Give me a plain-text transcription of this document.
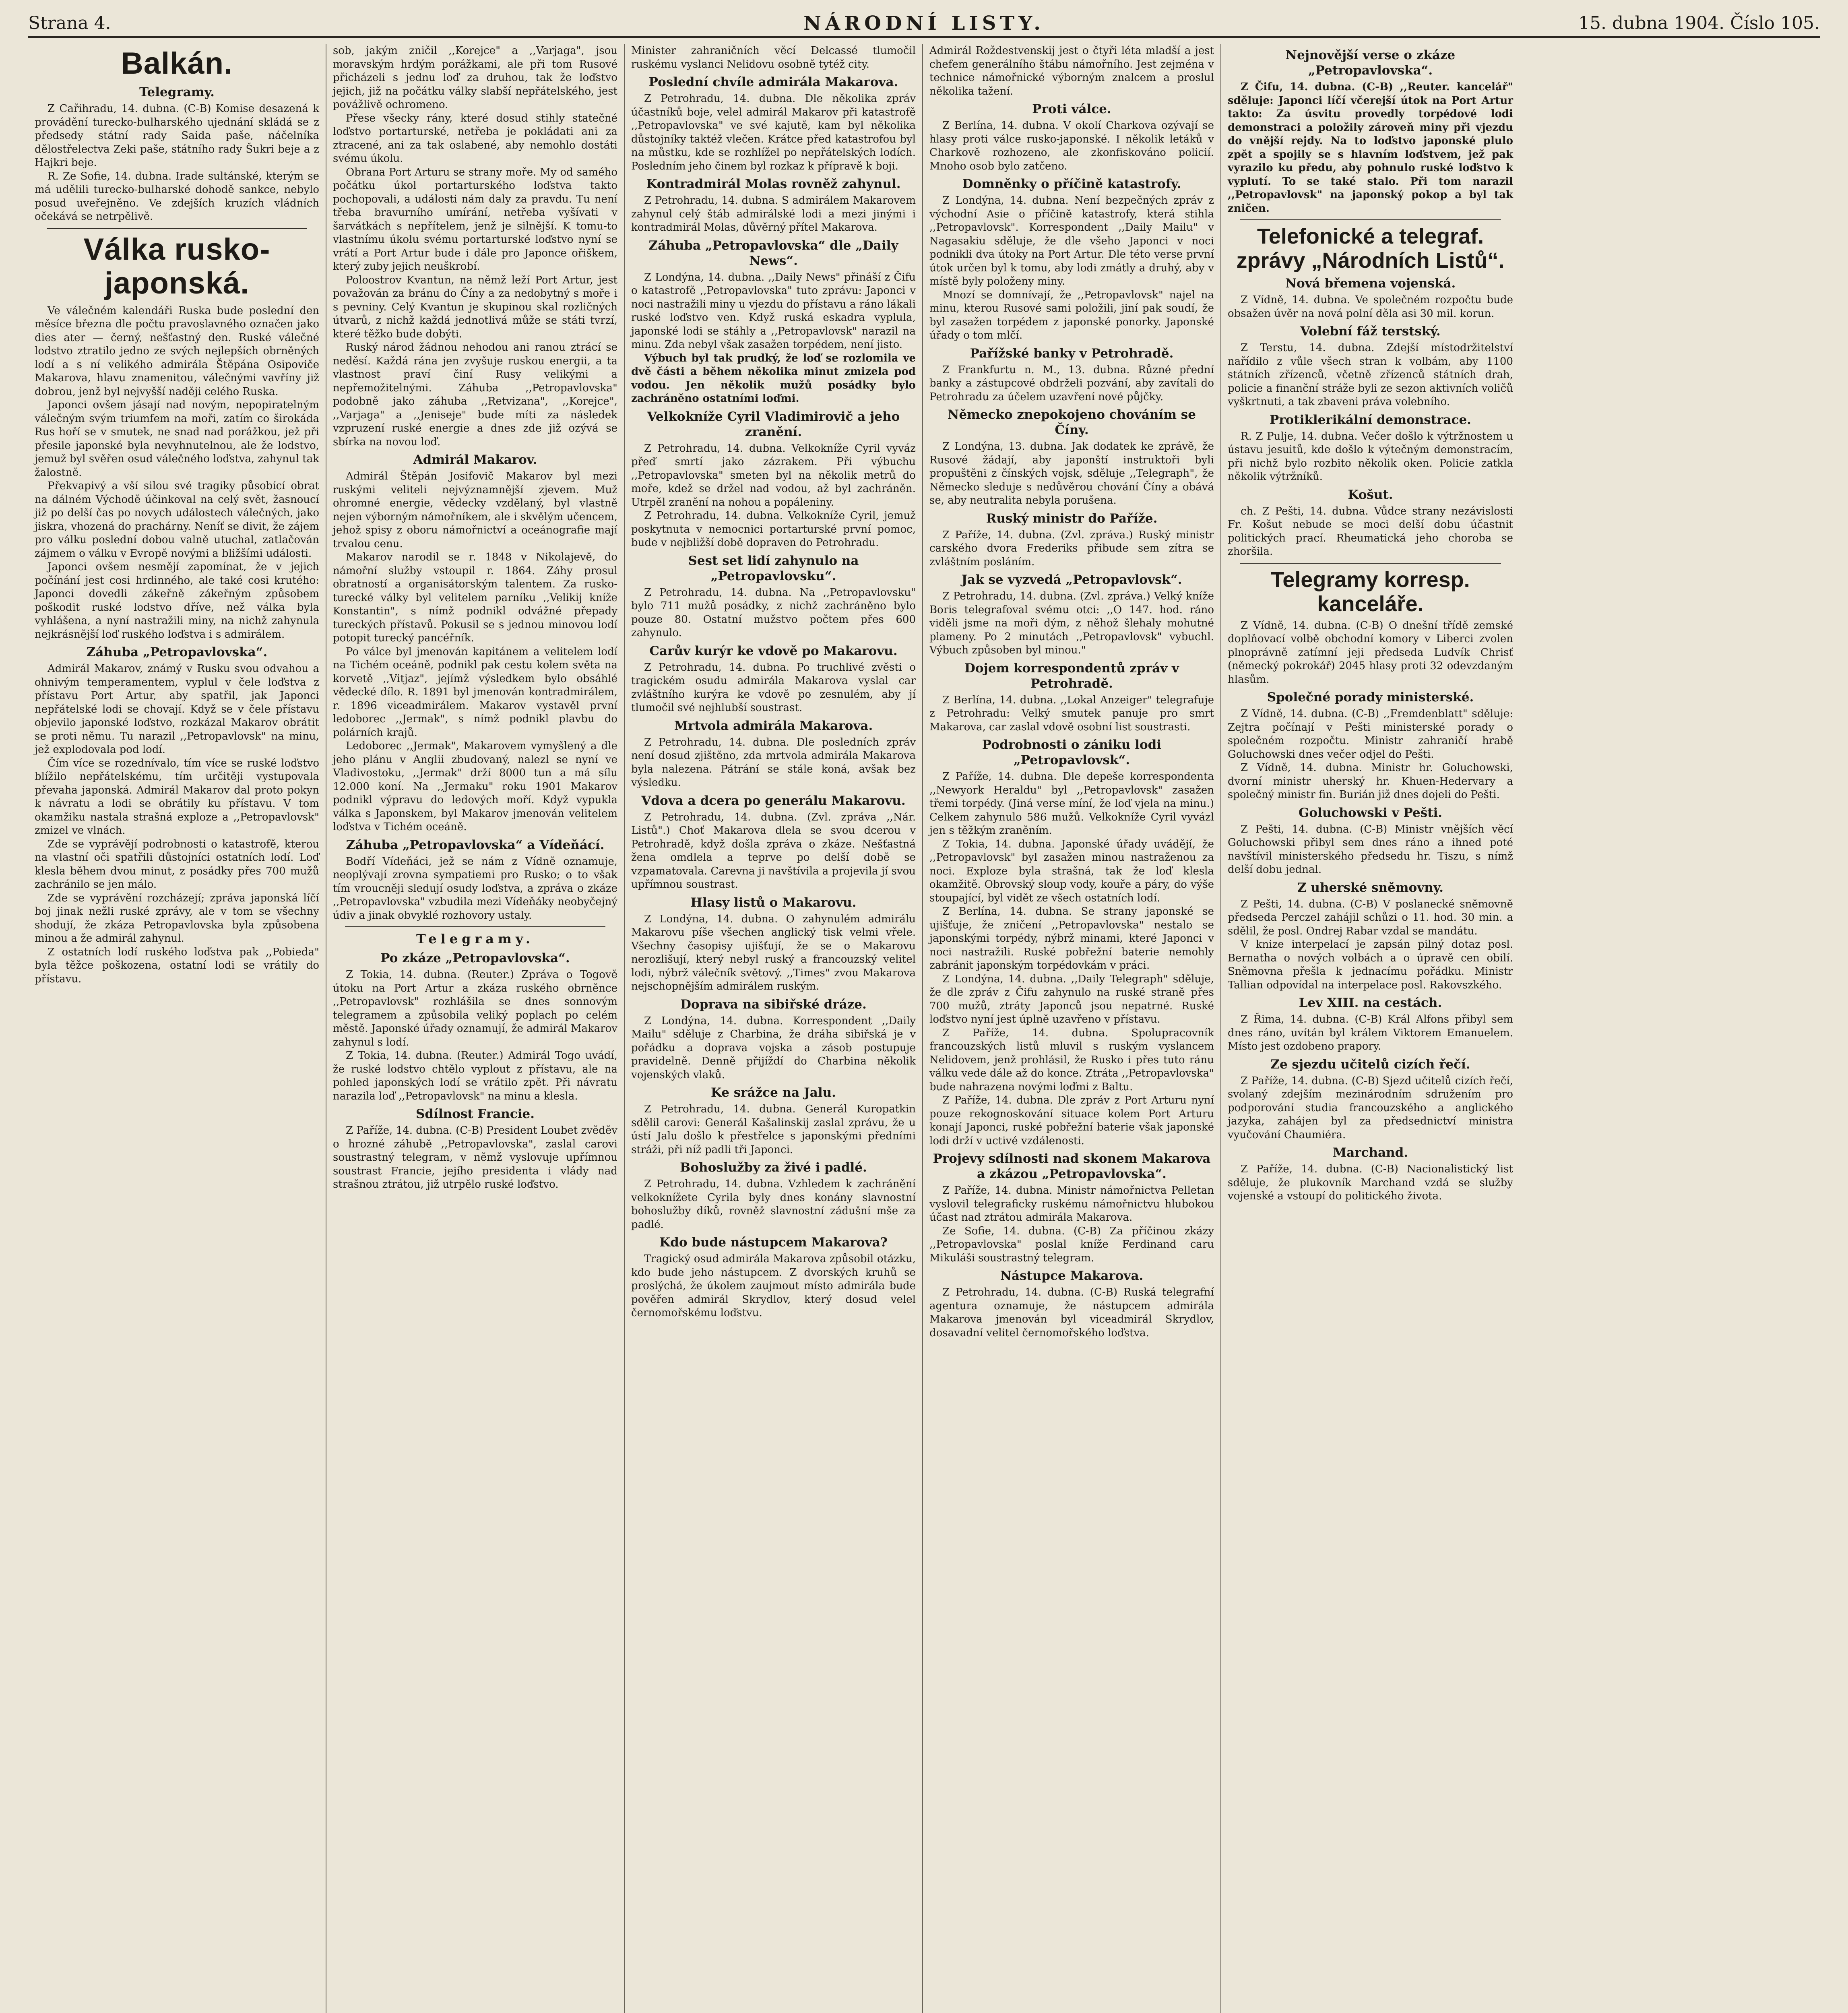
Strana 4.	NÁRODNÍ LISTY.	15. dubna 1904. Číslo 105.
Balkán.
Telegramy.

Z Cařihradu, 14. dubna. (C-B) Komise desazená k provádění turecko-bulharského ujednání skládá se z předsedy státní rady Saida paše, náčelníka dělostřelectva Zeki paše, státního rady Šukri beje a z Hajkri beje.

R. Ze Sofie, 14. dubna. Irade sultánské, kterým se má udělili turecko-bulharské dohodě sankce, nebylo posud uveřejněno. Ve zdejších kruzích vládních očekává se netrpělivě.

Válka rusko-japonská.

Ve válečném kalendáři Ruska bude poslední den měsíce března dle počtu pravoslavného označen jako dies ater — černý, nešťastný den. Ruské válečné lodstvo ztratilo jedno ze svých nejlepších obrněných lodí a s ní velikého admirála Štěpána Osipoviče Makarova, hlavu znamenitou, válečnými vavříny již dobrou, jenž byl nejvyšší naději celého Ruska.

Japonci ovšem jásají nad novým, nepopiratelným válečným svým triumfem na moři, zatím co širokáda Rus hoří se v smutek, ne snad nad porážkou, jež při přesile japonské byla nevyhnutelnou, ale že lodstvo, jemuž byl svěřen osud válečného loďstva, zahynul tak žalostně.

Překvapivý a vší silou své tragiky působící obrat na dálném Východě účinkoval na celý svět, žasnoucí již po delší čas po novych událostech válečných, jako jiskra, vhozená do prachárny. Neníť se divit, že zájem pro válku poslední dobou valně utuchal, zatlačován zájmem o válku v Evropě novými a bližšími události.

Japonci ovšem nesmějí zapomínat, že v jejich počínání jest cosi hrdinného, ale také cosi krutého: Japonci dovedli zákeřně zákeřným způsobem poškodit ruské lodstvo dříve, než válka byla vyhlášena, a nyní nastražili miny, na nichž zahynula nejkrásnější loď ruského loďstva i s admirálem.

Záhuba „Petropavlovska“.

Admirál Makarov, známý v Rusku svou odvahou a ohnivým temperamentem, vyplul v čele loďstva z přístavu Port Artur, aby spatřil, jak Japonci nepřátelské lodi se chovají. Když se v čele přístavu objevilo japonské loďstvo, rozkázal Makarov obrátit se proti němu. Tu narazil ,,Petropavlovsk" na minu, jež explodovala pod lodí.

Čím více se rozednívalo, tím více se ruské loďstvo blížilo nepřátelskému, tím určitěji vystupovala převaha japonská. Admirál Makarov dal proto pokyn k návratu a lodi se obrátily ku přístavu. V tom okamžiku nastala strašná exploze a ,,Petropavlovsk" zmizel ve vlnách.

Zde se vyprávějí podrobnosti o katastrofě, kterou na vlastní oči spatřili důstojníci ostatních lodí. Loď klesla během dvou minut, z posádky přes 700 mužů zachránilo se jen málo.

Zde se vyprávění rozcházejí; zpráva japonská líčí boj jinak nežli ruské zprávy, ale v tom se všechny shodují, že zkáza Petropavlovska byla způsobena minou a že admirál zahynul.

Z ostatních lodí ruského loďstva pak ,,Pobieda" byla těžce poškozena, ostatní lodi se vrátily do přístavu.

sob, jakým zničil ,,Korejce" a ,,Varjaga", jsou moravským hrdým porážkami, ale při tom Rusové přicházeli s jednu loď za druhou, tak že loďstvo jejich, již na počátku války slabší nepřátelského, jest povážlivě ochromeno.

Přese všecky rány, které dosud stihly statečné loďstvo portarturské, netřeba je pokládati ani za ztracené, ani za tak oslabené, aby nemohlo dostáti svému úkolu.

Obrana Port Arturu se strany moře. My od samého počátku úkol portarturského loďstva takto pochopovali, a události nám daly za pravdu. Tu není třeba bravurního umírání, netřeba vyšívati v šarvátkách s nepřítelem, jenž je silnější. K tomu-to vlastnímu úkolu svému portarturské loďstvo nyní se vrátí a Port Artur bude i dále pro Japonce ořiškem, který zuby jejich neuškrobí.

Poloostrov Kvantun, na němž leží Port Artur, jest považován za bránu do Číny a za nedobytný s moře i s pevniny. Celý Kvantun je skupinou skal rozličných útvarů, z nichž každá jednotlivá může se státi tvrzí, které těžko bude dobýti.

Ruský národ žádnou nehodou ani ranou ztrácí se neděsí. Každá rána jen zvyšuje ruskou energii, a ta vlastnost praví činí Rusy velikými a nepřemožitelnými. Záhuba ,,Petropavlovska" podobně jako záhuba ,,Retvizana", ,,Korejce", ,,Varjaga" a ,,Jeniseje" bude míti za následek vzpruzení ruské energie a dnes zde již ozývá se sbírka na novou loď.

Admirál Makarov.

Admirál Štěpán Josifovič Makarov byl mezi ruskými veliteli nejvýznamnější zjevem. Muž ohromné energie, vědecky vzdělaný, byl vlastně nejen výborným námořníkem, ale i skvělým učencem, jehož spisy z oboru námořnictví a oceánografie mají trvalou cenu.

Makarov narodil se r. 1848 v Nikolajevě, do námořní služby vstoupil r. 1864. Záhy prosul obratností a organisátorským talentem. Za rusko-turecké války byl velitelem parníku ,,Velikij kníže Konstantin", s nímž podnikl odvážné přepady tureckých přístavů. Pokusil se s jednou minovou lodí potopit turecký pancéřník.

Po válce byl jmenován kapitánem a velitelem lodí na Tichém oceáně, podnikl pak cestu kolem světa na korvetě ,,Vitjaz", jejímž výsledkem bylo obsáhlé vědecké dílo. R. 1891 byl jmenován kontradmirálem, r. 1896 viceadmirálem. Makarov vystavěl první ledoborec ,,Jermak", s nímž podnikl plavbu do polárních krajů.

Ledoborec ,,Jermak", Makarovem vymyšlený a dle jeho plánu v Anglii zbudovaný, nalezl se nyní ve Vladivostoku, ,,Jermak" drží 8000 tun a má sílu 12.000 koní. Na ,,Jermaku" roku 1901 Makarov podnikl výpravu do ledových moří. Když vypukla válka s Japonskem, byl Makarov jmenován velitelem loďstva v Tichém oceáně.

Záhuba „Petropavlovska“ a Vídeňácí.

Bodří Vídeňáci, jež se nám z Vídně oznamuje, neoplývají zrovna sympatiemi pro Rusko; o to však tím vroucněji sledují osudy loďstva, a zpráva o zkáze ,,Petropavlovska" vzbudila mezi Vídeňáky neobyčejný údiv a jinak obvyklé rozhovory ustaly.

Telegramy.
Po zkáze „Petropavlovska“.

Z Tokia, 14. dubna. (Reuter.) Zpráva o Togově útoku na Port Artur a zkáza ruského obrněnce ,,Petropavlovsk" rozhlášila se dnes sonnovým telegramem a způsobila veliký poplach po celém městě. Japonské úřady oznamují, že admirál Makarov zahynul s lodí.

Z Tokia, 14. dubna. (Reuter.) Admirál Togo uvádí, že ruské lodstvo chtělo vyplout z přístavu, ale na pohled japonských lodí se vrátilo zpět. Při návratu narazila loď ,,Petropavlovsk" na minu a klesla.

Sdílnost Francie.

Z Paříže, 14. dubna. (C-B) President Loubet zvěděv o hrozné záhubě ,,Petropavlovska", zaslal carovi soustrastný telegram, v němž vyslovuje upřímnou soustrast Francie, jejího presidenta i vlády nad strašnou ztrátou, již utrpělo ruské loďstvo.

Minister zahraničních věcí Delcassé tlumočil ruskému vyslanci Nelidovu osobně tytéž city.

Poslední chvíle admirála Makarova.

Z Petrohradu, 14. dubna. Dle několika zpráv účastníků boje, velel admirál Makarov při katastrofě ,,Petropavlovska" ve své kajutě, kam byl několika důstojníky taktéž vlečen. Krátce před katastrofou byl na můstku, kde se rozhlížel po nepřátelských lodích. Posledním jeho činem byl rozkaz k přípravě k boji.

Kontradmirál Molas rovněž zahynul.

Z Petrohradu, 14. dubna. S admirálem Makarovem zahynul celý štáb admirálské lodi a mezi jinými i kontradmirál Molas, důvěrný přítel Makarova.

Záhuba „Petropavlovska“ dle „Daily News“.

Z Londýna, 14. dubna. ,,Daily News" přináší z Čifu o katastrofě ,,Petropavlovska" tuto zprávu: Japonci v noci nastražili miny u vjezdu do přístavu a ráno lákali ruské loďstvo ven. Když ruská eskadra vyplula, japonské lodi se stáhly a ,,Petropavlovsk" narazil na minu. Zda nebyl však zasažen torpédem, není jisto.

Výbuch byl tak prudký, že loď se rozlomila ve dvě části a během několika minut zmizela pod vodou. Jen několik mužů posádky bylo zachráněno ostatními loďmi.

Velkokníže Cyril Vladimirovič a jeho zranění.

Z Petrohradu, 14. dubna. Velkokníže Cyril vyváz přeď smrtí jako zázrakem. Při výbuchu ,,Petropavlovska" smeten byl na několik metrů do moře, kdež se držel nad vodou, až byl zachráněn. Utrpěl zranění na nohou a popáleniny.

Z Petrohradu, 14. dubna. Velkokníže Cyril, jemuž poskytnuta v nemocnici portarturské první pomoc, bude v nejbližší době dopraven do Petrohradu.

Sest set lidí zahynulo na „Petropavlovsku“.

Z Petrohradu, 14. dubna. Na ,,Petropavlovsku" bylo 711 mužů posádky, z nichž zachráněno bylo pouze 80. Ostatní mužstvo počtem přes 600 zahynulo.

Carův kurýr ke vdově po Makarovu.

Z Petrohradu, 14. dubna. Po truchlivé zvěsti o tragickém osudu admirála Makarova vyslal car zvláštního kurýra ke vdově po zesnulém, aby jí tlumočil své nejhlubší soustrast.

Mrtvola admirála Makarova.

Z Petrohradu, 14. dubna. Dle posledních zpráv není dosud zjištěno, zda mrtvola admirála Makarova byla nalezena. Pátrání se stále koná, avšak bez výsledku.

Vdova a dcera po generálu Makarovu.

Z Petrohradu, 14. dubna. (Zvl. zpráva ,,Nár. Listů".) Choť Makarova dlela se svou dcerou v Petrohradě, když došla zpráva o zkáze. Nešťastná žena omdlela a teprve po delší době se vzpamatovala. Carevna ji navštívila a projevila jí svou upřímnou soustrast.

Hlasy listů o Makarovu.

Z Londýna, 14. dubna. O zahynulém admirálu Makarovu píše všechen anglický tisk velmi vřele. Všechny časopisy ujišťují, že se o Makarovu nerozlišují, který nebyl ruský a francouzský velitel lodi, nýbrž válečník světový. ,,Times" zvou Makarova nejschopnějším admirálem ruským.

Doprava na sibiřské dráze.

Z Londýna, 14. dubna. Korrespondent ,,Daily Mailu" sděluje z Charbina, že dráha sibiřská je v pořádku a doprava vojska a zásob postupuje pravidelně. Denně přijíždí do Charbina několik vojenských vlaků.

Ke srážce na Jalu.

Z Petrohradu, 14. dubna. Generál Kuropatkin sdělil carovi: Generál Kašalinskij zaslal zprávu, že u ústí Jalu došlo k přestřelce s japonskými předními stráži, při níž padli tři Japonci.

Bohoslužby za živé i padlé.

Z Petrohradu, 14. dubna. Vzhledem k zachránění velkoknížete Cyrila byly dnes konány slavnostní bohoslužby díků, rovněž slavnostní zádušní mše za padlé.

Kdo bude nástupcem Makarova?

Tragický osud admirála Makarova způsobil otázku, kdo bude jeho nástupcem. Z dvorských kruhů se proslýchá, že úkolem zaujmout místo admirála bude pověřen admirál Skrydlov, který dosud velel černomořskému loďstvu.

Admirál Roždestvenskij jest o čtyři léta mladší a jest chefem generálního štábu námořního. Jest zejména v technice námořnické výborným znalcem a proslul několika tažení.

Proti válce.

Z Berlína, 14. dubna. V okolí Charkova ozývají se hlasy proti válce rusko-japonské. I několik letáků v Charkově rozhozeno, ale zkonfiskováno policií. Mnoho osob bylo zatčeno.

Domněnky o příčině katastrofy.

Z Londýna, 14. dubna. Není bezpečných zpráv z východní Asie o příčině katastrofy, která stihla ,,Petropavlovsk". Korrespondent ,,Daily Mailu" v Nagasakiu sděluje, že dle všeho Japonci v noci podnikli dva útoky na Port Artur. Dle této verse první útok určen byl k tomu, aby lodi zmátly a druhý, aby v místě byly položeny miny.

Mnozí se domnívají, že ,,Petropavlovsk" najel na minu, kterou Rusové sami položili, jiní pak soudí, že byl zasažen torpédem z japonské ponorky. Japonské úřady o tom mlčí.

Pařížské banky v Petrohradě.

Z Frankfurtu n. M., 13. dubna. Různé přední banky a zástupcové obdrželi pozvání, aby zavítali do Petrohradu za účelem uzavření nové půjčky.

Německo znepokojeno chováním se Číny.

Z Londýna, 13. dubna. Jak dodatek ke zprávě, že Rusové žádají, aby japonští instruktoři byli propuštěni z čínských vojsk, sděluje ,,Telegraph", že Německo sleduje s nedůvěrou chování Číny a obává se, aby neutralita nebyla porušena.

Ruský ministr do Paříže.

Z Paříže, 14. dubna. (Zvl. zpráva.) Ruský ministr carského dvora Frederiks přibude sem zítra se zvláštním posláním.

Jak se vyzvedá „Petropavlovsk“.

Z Petrohradu, 14. dubna. (Zvl. zpráva.) Velký kníže Boris telegrafoval svému otci: ,,O 147. hod. ráno viděli jsme na moři dým, z něhož šlehaly mohutné plameny. Po 2 minutách ,,Petropavlovsk" vybuchl. Výbuch způsoben byl minou."

Dojem korrespondentů zpráv v Petrohradě.

Z Berlína, 14. dubna. ,,Lokal Anzeiger" telegrafuje z Petrohradu: Velký smutek panuje pro smrt Makarova, car zaslal vdově osobní list soustrasti.

Podrobnosti o zániku lodi „Petropavlovsk“.

Z Paříže, 14. dubna. Dle depeše korrespondenta ,,Newyork Heraldu" byl ,,Petropavlovsk" zasažen třemi torpédy. (Jiná verse míní, že loď vjela na minu.) Celkem zahynulo 586 mužů. Velkokníže Cyril vyvázl jen s těžkým zraněním.

Z Tokia, 14. dubna. Japonské úřady uvádějí, že ,,Petropavlovsk" byl zasažen minou nastraženou za noci. Exploze byla strašná, tak že loď klesla okamžitě. Obrovský sloup vody, kouře a páry, do výše stoupající, byl vidět ze všech ostatních lodí.

Z Berlína, 14. dubna. Se strany japonské se ujišťuje, že zničení ,,Petropavlovska" nestalo se japonskými torpédy, nýbrž minami, které Japonci v noci nastražili. Ruské pobřežní baterie nemohly zabránit japonským torpédovkám v práci.

Z Londýna, 14. dubna. ,,Daily Telegraph" sděluje, že dle zpráv z Čifu zahynulo na ruské straně přes 700 mužů, ztráty Japonců jsou nepatrné. Ruské loďstvo nyní jest úplně uzavřeno v přístavu.

Z Paříže, 14. dubna. Spolupracovník francouzských listů mluvil s ruským vyslancem Nelidovem, jenž prohlásil, že Rusko i přes tuto ránu válku vede dále až do konce. Ztráta ,,Petropavlovska" bude nahrazena novými loďmi z Baltu.

Z Paříže, 14. dubna. Dle zpráv z Port Arturu nyní pouze rekognoskování situace kolem Port Arturu konají Japonci, ruské pobřežní baterie však japonské lodi drží v uctivé vzdálenosti.

Projevy sdílnosti nad skonem Makarova a zkázou „Petropavlovska“.

Z Paříže, 14. dubna. Ministr námořnictva Pelletan vyslovil telegraficky ruskému námořnictvu hlubokou účast nad ztrátou admirála Makarova.

Ze Sofie, 14. dubna. (C-B) Za příčinou zkázy ,,Petropavlovska" poslal kníže Ferdinand caru Mikuláši soustrastný telegram.

Nástupce Makarova.

Z Petrohradu, 14. dubna. (C-B) Ruská telegrafní agentura oznamuje, že nástupcem admirála Makarova jmenován byl viceadmirál Skrydlov, dosavadní velitel černomořského loďstva.

Nejnovější verse o zkáze „Petropavlovska“.

Z Čifu, 14. dubna. (C-B) ,,Reuter. kancelář" sděluje: Japonci líčí včerejší útok na Port Artur takto: Za úsvitu provedly torpédové lodi demonstraci a položily zároveň miny při vjezdu do vnější rejdy. Na to loďstvo japonské plulo zpět a spojily se s hlavním loďstvem, jež pak vyrazilo ku předu, aby pohnulo ruské loďstvo k vyplutí. To se také stalo. Při tom narazil ,,Petropavlovsk" na japonský pokop a byl tak zničen.

Telefonické a telegraf. zprávy „Národních Listů“.
Nová břemena vojenská.

Z Vídně, 14. dubna. Ve společném rozpočtu bude obsažen úvěr na nová polní děla asi 30 mil. korun.

Volební fáž terstský.

Z Terstu, 14. dubna. Zdejší místodržitelství nařídilo z vůle všech stran k volbám, aby 1100 státních zřízenců, včetně zřízenců státních drah, policie a finanční stráže byli ze sezon aktivních voličů vyškrtnuti, a tak zbaveni práva volebního.

Protiklerikální demonstrace.

R. Z Pulje, 14. dubna. Večer došlo k výtržnostem u ústavu jesuitů, kde došlo k výtečným demonstracím, při nichž bylo rozbito několik oken. Policie zatkla několik výtržníků.

Košut.

ch. Z Pešti, 14. dubna. Vůdce strany nezávislosti Fr. Košut nebude se moci delší dobu účastnit politických prací. Rheumatická jeho choroba se zhoršila.

Telegramy korresp. kanceláře.

Z Vídně, 14. dubna. (C-B) O dnešní třídě zemské doplňovací volbě obchodní komory v Liberci zvolen plnoprávně zatímní jeji předseda Ludvík Chrisť (německý pokrokář) 2045 hlasy proti 32 odevzdaným hlasům.

Společné porady ministerské.

Z Vídně, 14. dubna. (C-B) ,,Fremdenblatt" sděluje: Zejtra počínají v Pešti ministerské porady o společném rozpočtu. Ministr zahraničí hrabě Goluchowski dnes večer odjel do Pešti.

Z Vídně, 14. dubna. Ministr hr. Goluchowski, dvorní ministr uherský hr. Khuen-Hedervary a společný ministr fin. Burián již dnes dojeli do Pešti.

Goluchowski v Pešti.

Z Pešti, 14. dubna. (C-B) Ministr vnějších věcí Goluchowski přibyl sem dnes ráno a ihned poté navštívil ministerského předsedu hr. Tiszu, s nímž delší dobu jednal.

Z uherské sněmovny.

Z Pešti, 14. dubna. (C-B) V poslanecké sněmovně předseda Perczel zahájil schůzi o 11. hod. 30 min. a sdělil, že posl. Ondrej Rabar vzdal se mandátu.

V knize interpelací je zapsán pilný dotaz posl. Bernatha o nových volbách a o úpravě cen obilí. Sněmovna přešla k jednacímu pořádku. Ministr Tallian odpovídal na interpelace posl. Rakovszkého.

Lev XIII. na cestách.

Z Řima, 14. dubna. (C-B) Král Alfons přibyl sem dnes ráno, uvítán byl králem Viktorem Emanuelem. Místo jest ozdobeno prapory.

Ze sjezdu učitelů cizích řečí.

Z Paříže, 14. dubna. (C-B) Sjezd učitelů cizích řečí, svolaný zdejším mezinárodním sdružením pro podporování studia francouzského a anglického jazyka, zahájen byl za předsednictví ministra vyučování Chaumiéra.

Marchand.

Z Paříže, 14. dubna. (C-B) Nacionalistický list sděluje, že plukovník Marchand vzdá se služby vojenské a vstoupí do politického života.
